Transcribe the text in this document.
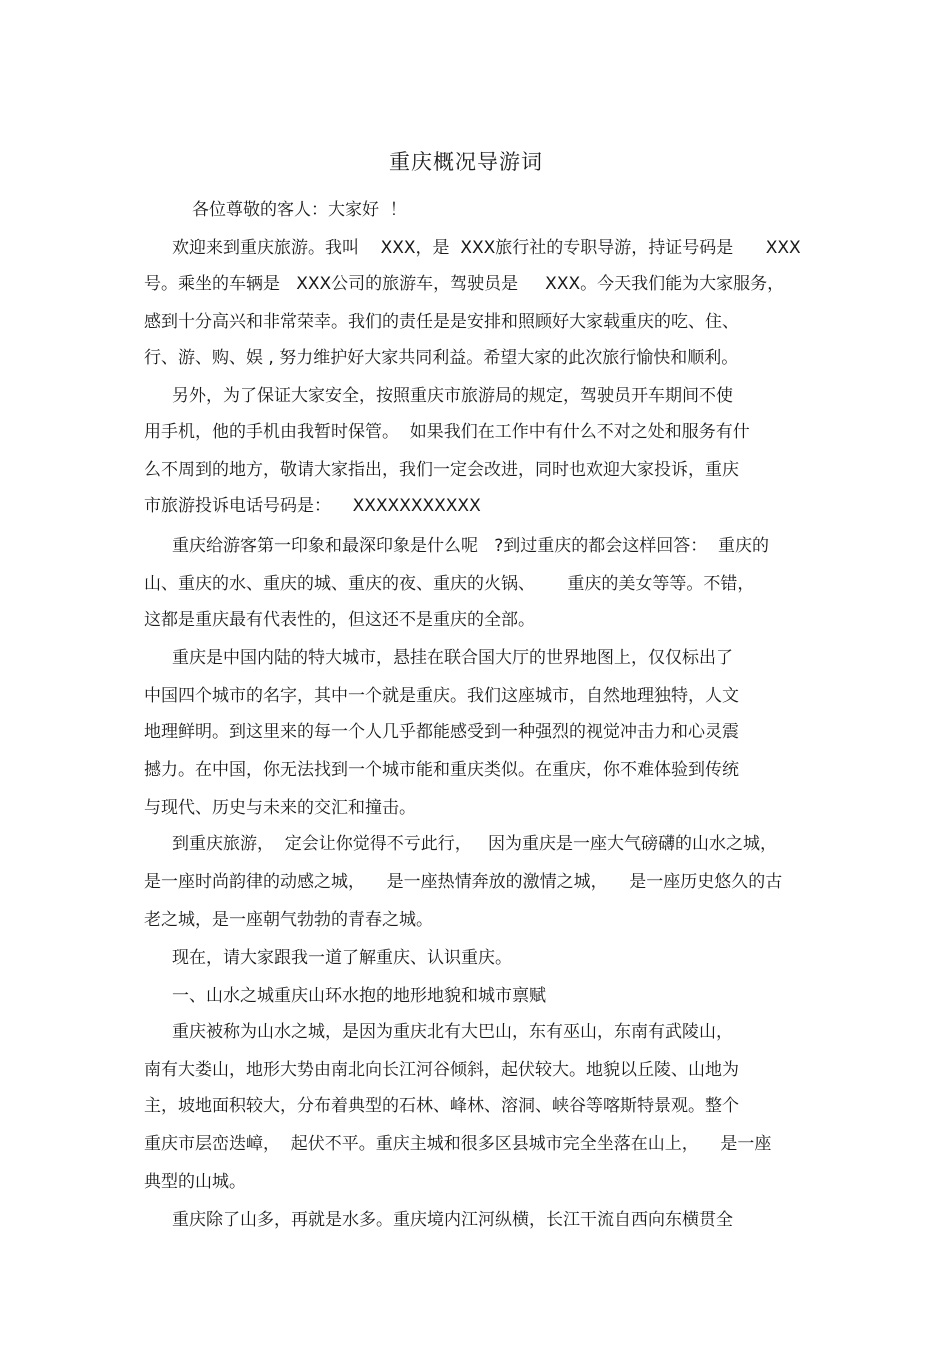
重庆概况导游词
各位尊敬的客人：大家好  ！
欢迎来到重庆旅游。我叫    XXX，是  XXX旅行社的专职导游，持证号码是      XXX
号。乘坐的车辆是   XXX公司的旅游车，驾驶员是     XXX。今天我们能为大家服务，
感到十分高兴和非常荣幸。我们的责任是是安排和照顾好大家载重庆的吃、住、
行、游、购、娱 , 努力维护好大家共同利益。希望大家的此次旅行愉快和顺利。
另外，为了保证大家安全，按照重庆市旅游局的规定，驾驶员开车期间不使
用手机，他的手机由我暂时保管。  如果我们在工作中有什么不对之处和服务有什
么不周到的地方，敬请大家指出，我们一定会改进，同时也欢迎大家投诉，重庆
市旅游投诉电话号码是：    XXXXXXXXXXX
重庆给游客第一印象和最深印象是什么呢   ?到过重庆的都会这样回答：  重庆的
山、重庆的水、重庆的城、重庆的夜、重庆的火锅、      重庆的美女等等。不错，
这都是重庆最有代表性的，但这还不是重庆的全部。
重庆是中国内陆的特大城市，悬挂在联合国大厅的世界地图上，仅仅标出了
中国四个城市的名字，其中一个就是重庆。我们这座城市，自然地理独特，人文
地理鲜明。到这里来的每一个人几乎都能感受到一种强烈的视觉冲击力和心灵震
撼力。在中国，你无法找到一个城市能和重庆类似。在重庆，你不难体验到传统
与现代、历史与未来的交汇和撞击。
到重庆旅游，  定会让你觉得不亏此行，   因为重庆是一座大气磅礴的山水之城，
是一座时尚韵律的动感之城，    是一座热情奔放的激情之城，    是一座历史悠久的古
老之城，是一座朝气勃勃的青春之城。
现在，请大家跟我一道了解重庆、认识重庆。
一、山水之城重庆山环水抱的地形地貌和城市禀赋
重庆被称为山水之城，是因为重庆北有大巴山，东有巫山，东南有武陵山，
南有大娄山，地形大势由南北向长江河谷倾斜，起伏较大。地貌以丘陵、山地为
主，坡地面积较大，分布着典型的石林、峰林、溶洞、峡谷等喀斯特景观。整个
重庆市层峦迭嶂，  起伏不平。重庆主城和很多区县城市完全坐落在山上，    是一座
典型的山城。
重庆除了山多，再就是水多。重庆境内江河纵横，长江干流自西向东横贯全
